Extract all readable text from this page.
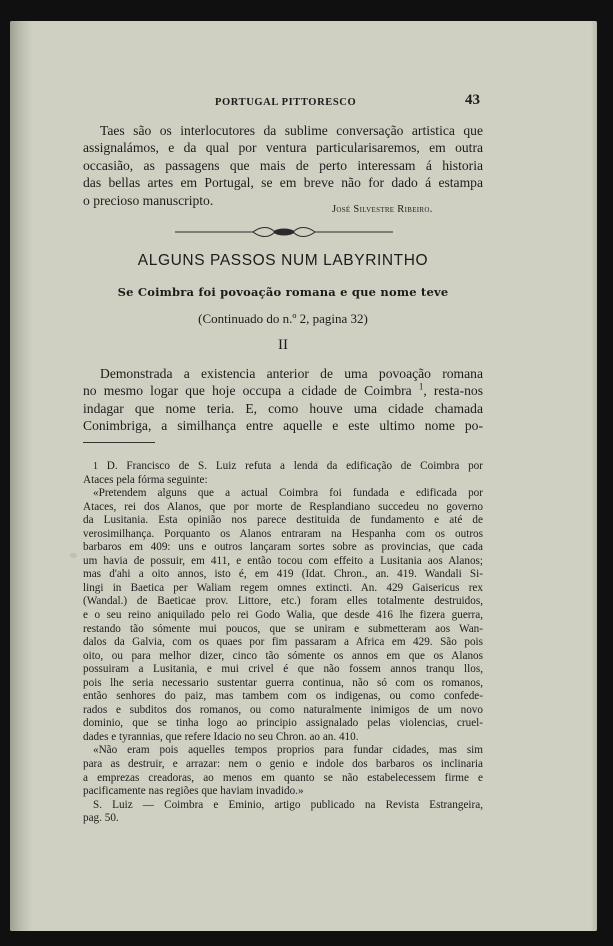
PORTUGAL PITTORESCO	43
Taes são os interlocutores da sublime conversação artistica que
assignalámos, e da qual por ventura particularisaremos, em outra
occasião, as passagens que mais de perto interessam á historia
das bellas artes em Portugal, se em breve não for dado á estampa
o precioso manuscripto.
José Silvestre Ribeiro.
ALGUNS PASSOS NUM LABYRINTHO
Se Coimbra foi povoação romana e que nome teve
(Continuado do n.º 2, pagina 32)
II
Demonstrada a existencia anterior de uma povoação romana
no mesmo logar que hoje occupa a cidade de Coimbra $^1$, resta-nos
indagar que nome teria. E, como houve uma cidade chamada
Conimbriga, a similhança entre aquelle e este ultimo nome po-
1 D. Francisco de S. Luiz refuta a lenda da edificação de Coimbra por
Ataces pela fórma seguinte:
«Pretendem alguns que a actual Coimbra foi fundada e edificada por
Ataces, rei dos Alanos, que por morte de Resplandiano succedeu no governo
da Lusitania. Esta opinião nos parece destituida de fundamento e até de
verosimilhança. Porquanto os Alanos entraram na Hespanha com os outros
barbaros em 409: uns e outros lançaram sortes sobre as provincias, que cada
um havia de possuir, em 411, e então tocou com effeito a Lusitania aos Alanos;
mas d'ahi a oito annos, isto é, em 419 (Idat. Chron., an. 419. Wandali Si-
lingi in Baetica per Waliam regem omnes extincti. An. 429 Gaisericus rex
(Wandal.) de Baeticae prov. Littore, etc.) foram elles totalmente destruidos,
e o seu reino aniquilado pelo rei Godo Walia, que desde 416 lhe fizera guerra,
restando tão sómente mui poucos, que se uniram e submetteram aos Wan-
dalos da Galvia, com os quaes por fim passaram a Africa em 429. São pois
oito, ou para melhor dizer, cinco tão sómente os annos em que os Alanos
possuiram a Lusitania, e mui crivel é que não fossem annos tranqu llos,
pois lhe seria necessario sustentar guerra continua, não só com os romanos,
então senhores do paiz, mas tambem com os indigenas, ou como confede-
rados e subditos dos romanos, ou como naturalmente inimigos de um novo
dominio, que se tinha logo ao principio assignalado pelas violencias, cruel-
dades e tyrannias, que refere Idacio no seu Chron. ao an. 410.
«Não eram pois aquelles tempos proprios para fundar cidades, mas sim
para as destruir, e arrazar: nem o genio e indole dos barbaros os inclinaria
a emprezas creadoras, ao menos em quanto se não estabelecessem firme e
pacificamente nas regiões que haviam invadido.»
S. Luiz — Coimbra e Eminio, artigo publicado na Revista Estrangeira,
pag. 50.
